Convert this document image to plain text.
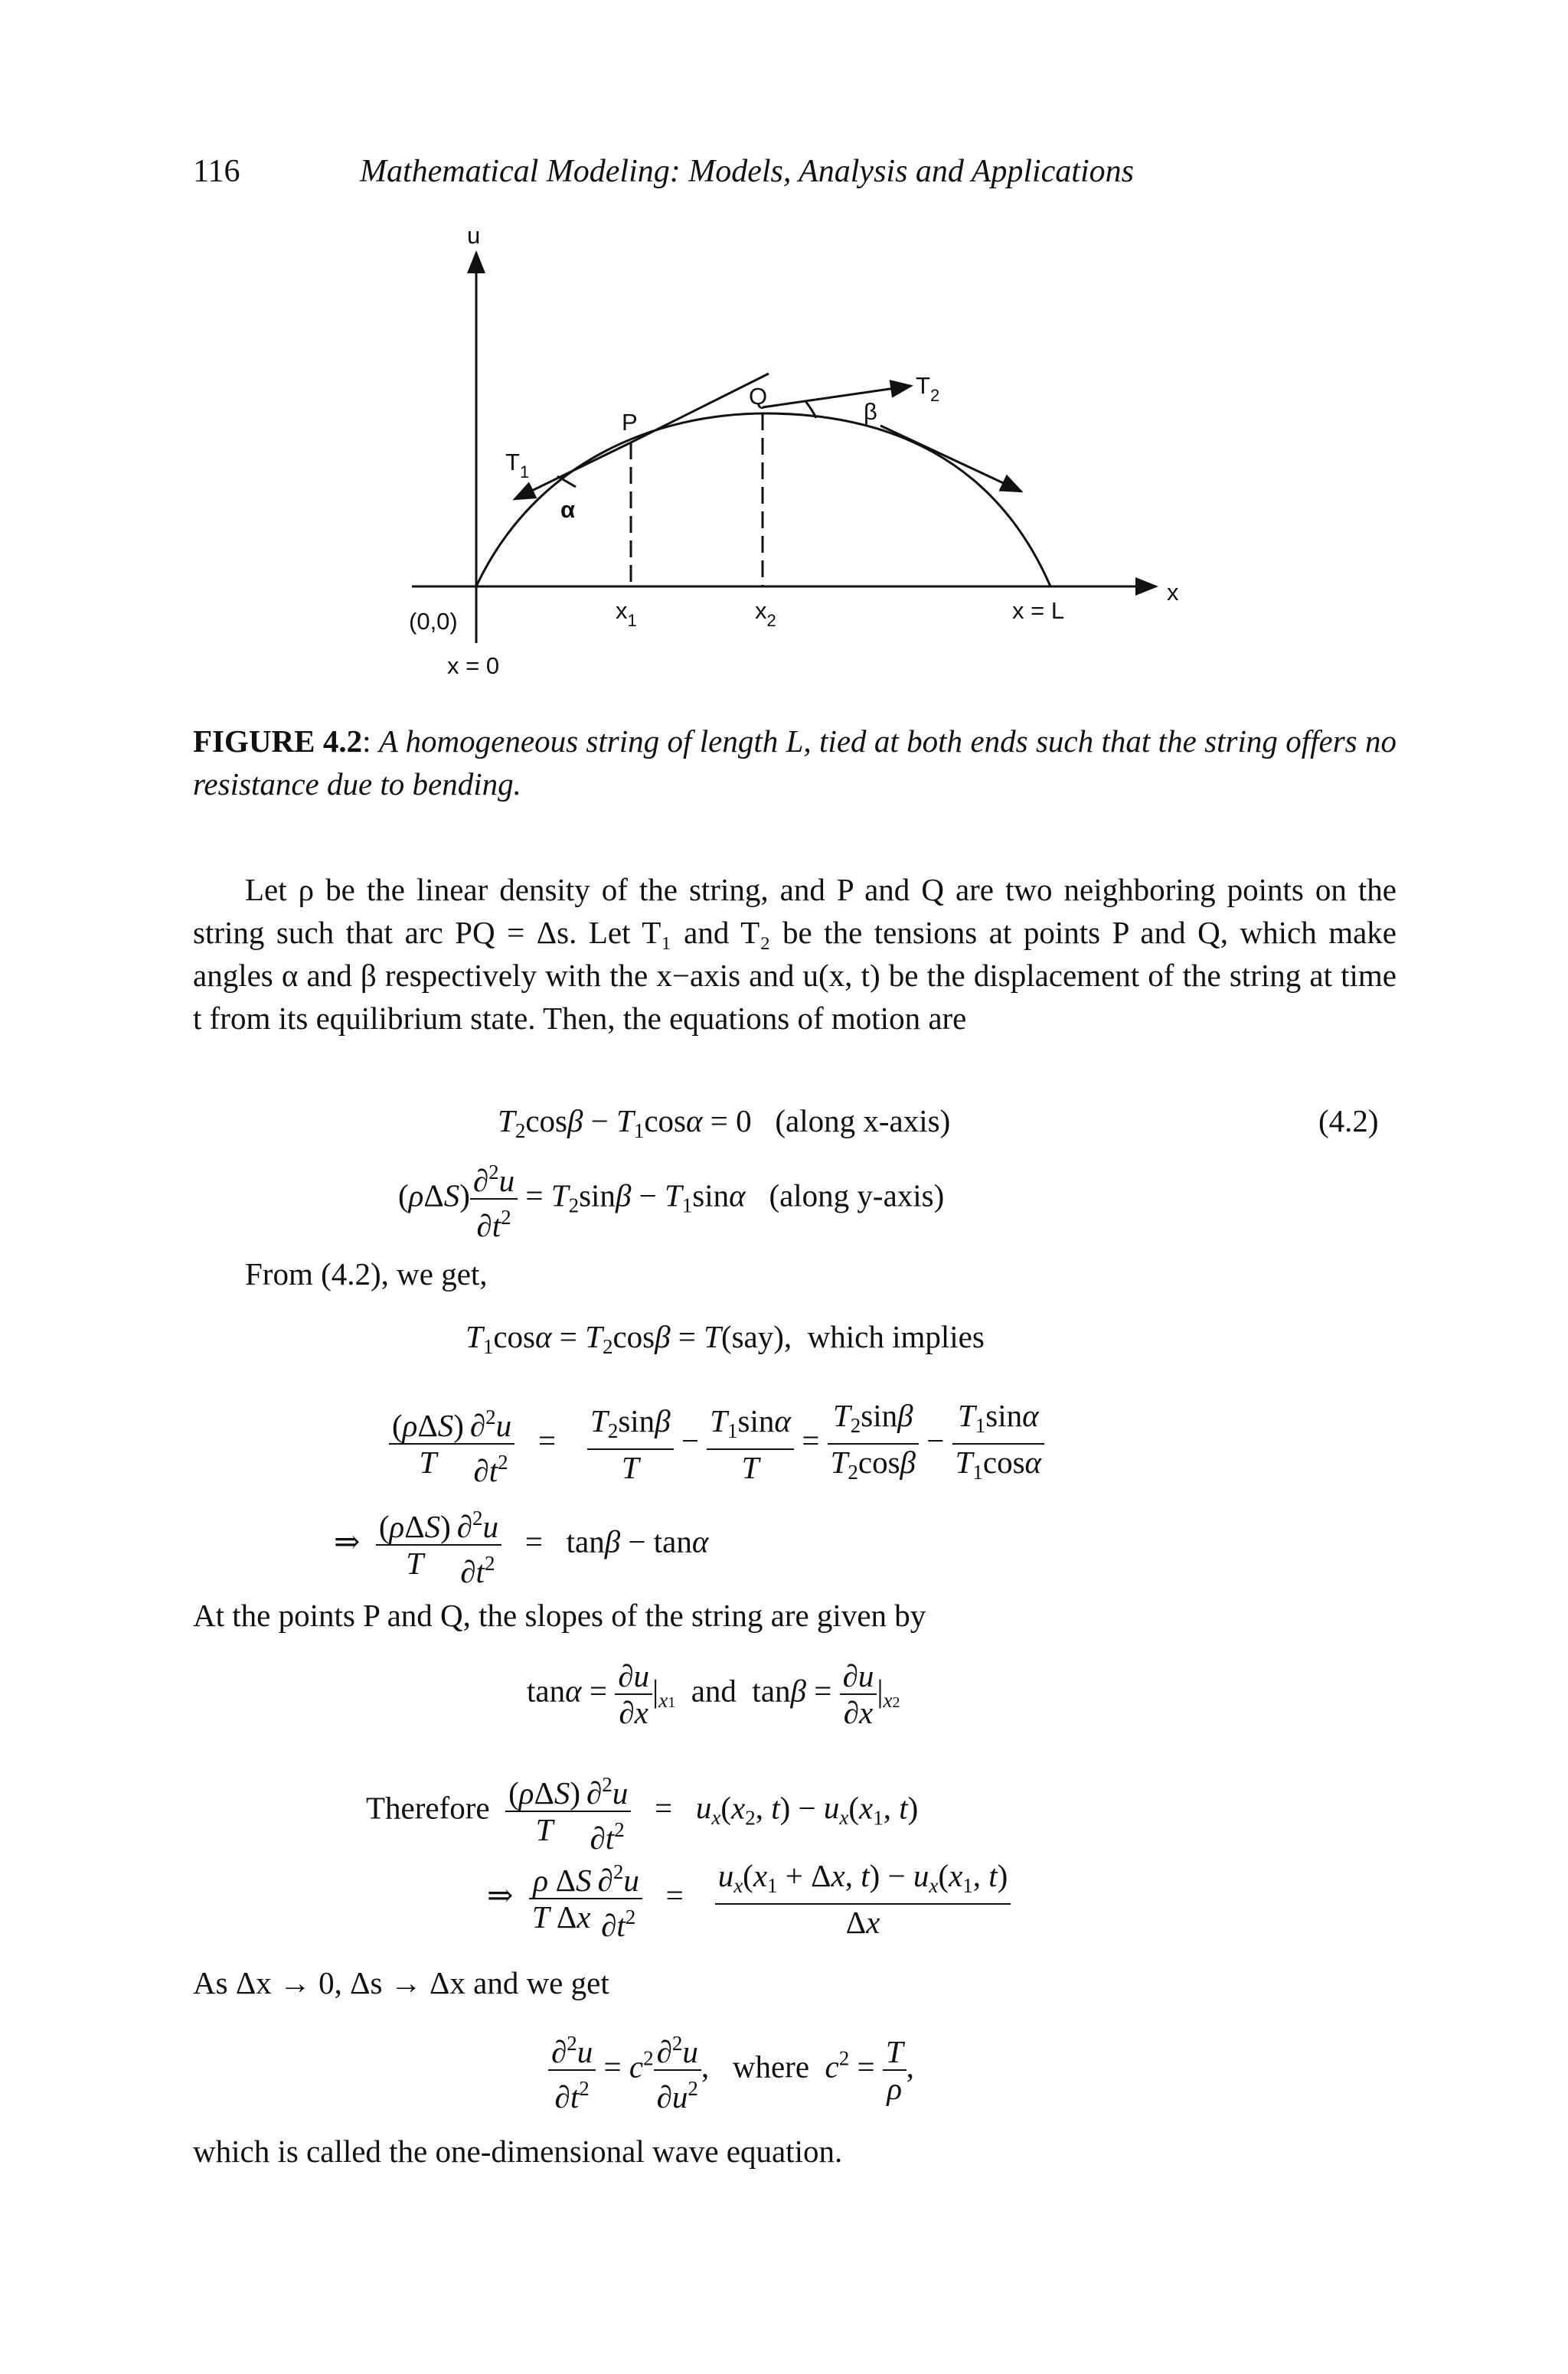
116	Mathematical Modeling: Models, Analysis and Applications
u
x
(0,0)
x = 0
$x_1$	$x_2$	x = L
P
Q
$T_1$
$T_2$
α
β
FIGURE 4.2: A homogeneous string of length L, tied at both ends such that the string offers no resistance due to bending.
Let ρ be the linear density of the string, and P and Q are two neighboring points on the string such that arc PQ = Δs. Let T₁ and T₂ be the tensions at points P and Q, which make angles α and β respectively with the x−axis and u(x, t) be the displacement of the string at time t from its equilibrium state. Then, the equations of motion are
$T_2\cos\beta - T_1\cos\alpha = 0$   (along x-axis)	(4.2)
$(\rho\Delta S) \frac{\partial^2u}{\partial t^2} = T_2\sin\beta - T_1\sin\alpha$ (along y-axis)
From (4.2), we get,
$T_1\cos\alpha = T_2\cos\beta = T(say)$,  which implies
$\frac{\text{(ρΔS)}}{T} \frac{\partial^2u}{\partial t^2} = \frac{T_2\sin\beta}{T} - \frac{T_1\sin\alpha}{T} = \frac{T_2\sin\beta}{T_2\cos\beta} - \frac{T_1\sin\alpha}{T_1\cos\alpha}$
⇒ $\frac{\text{(ρΔS)}}{T} \frac{\partial^2u}{\partial t^2} = \tan\beta - \tan\alpha$
At the points P and Q, the slopes of the string are given by
$\tan\alpha = \frac{\partial u}{\partial x} |_{x1}$ and  $\tan\beta = \frac{\partial u}{\partial x} |_{x2}$
Therefore $\frac{\text{(ρΔS)}}{T} \frac{\partial^2u}{\partial t^2} = u_x(x_2$, $t) - u_x(x_1$, t)
⇒ $\frac{\rho}{T} \frac{\Delta S}{\Delta x} \frac{\partial^2u}{\partial t^2} = \frac{u_x(x_1 + \Delta x, t) - u_x(x_1, t)}{\Delta x}$
As Δx → 0, Δs → Δx and we get
$\frac{\partial^2u}{\partial t^2} = c^2 \frac{\partial^2u}{\partial u^2}$ ,   where $c^2 = \frac{T}{\rho}$ ,
which is called the one-dimensional wave equation.
